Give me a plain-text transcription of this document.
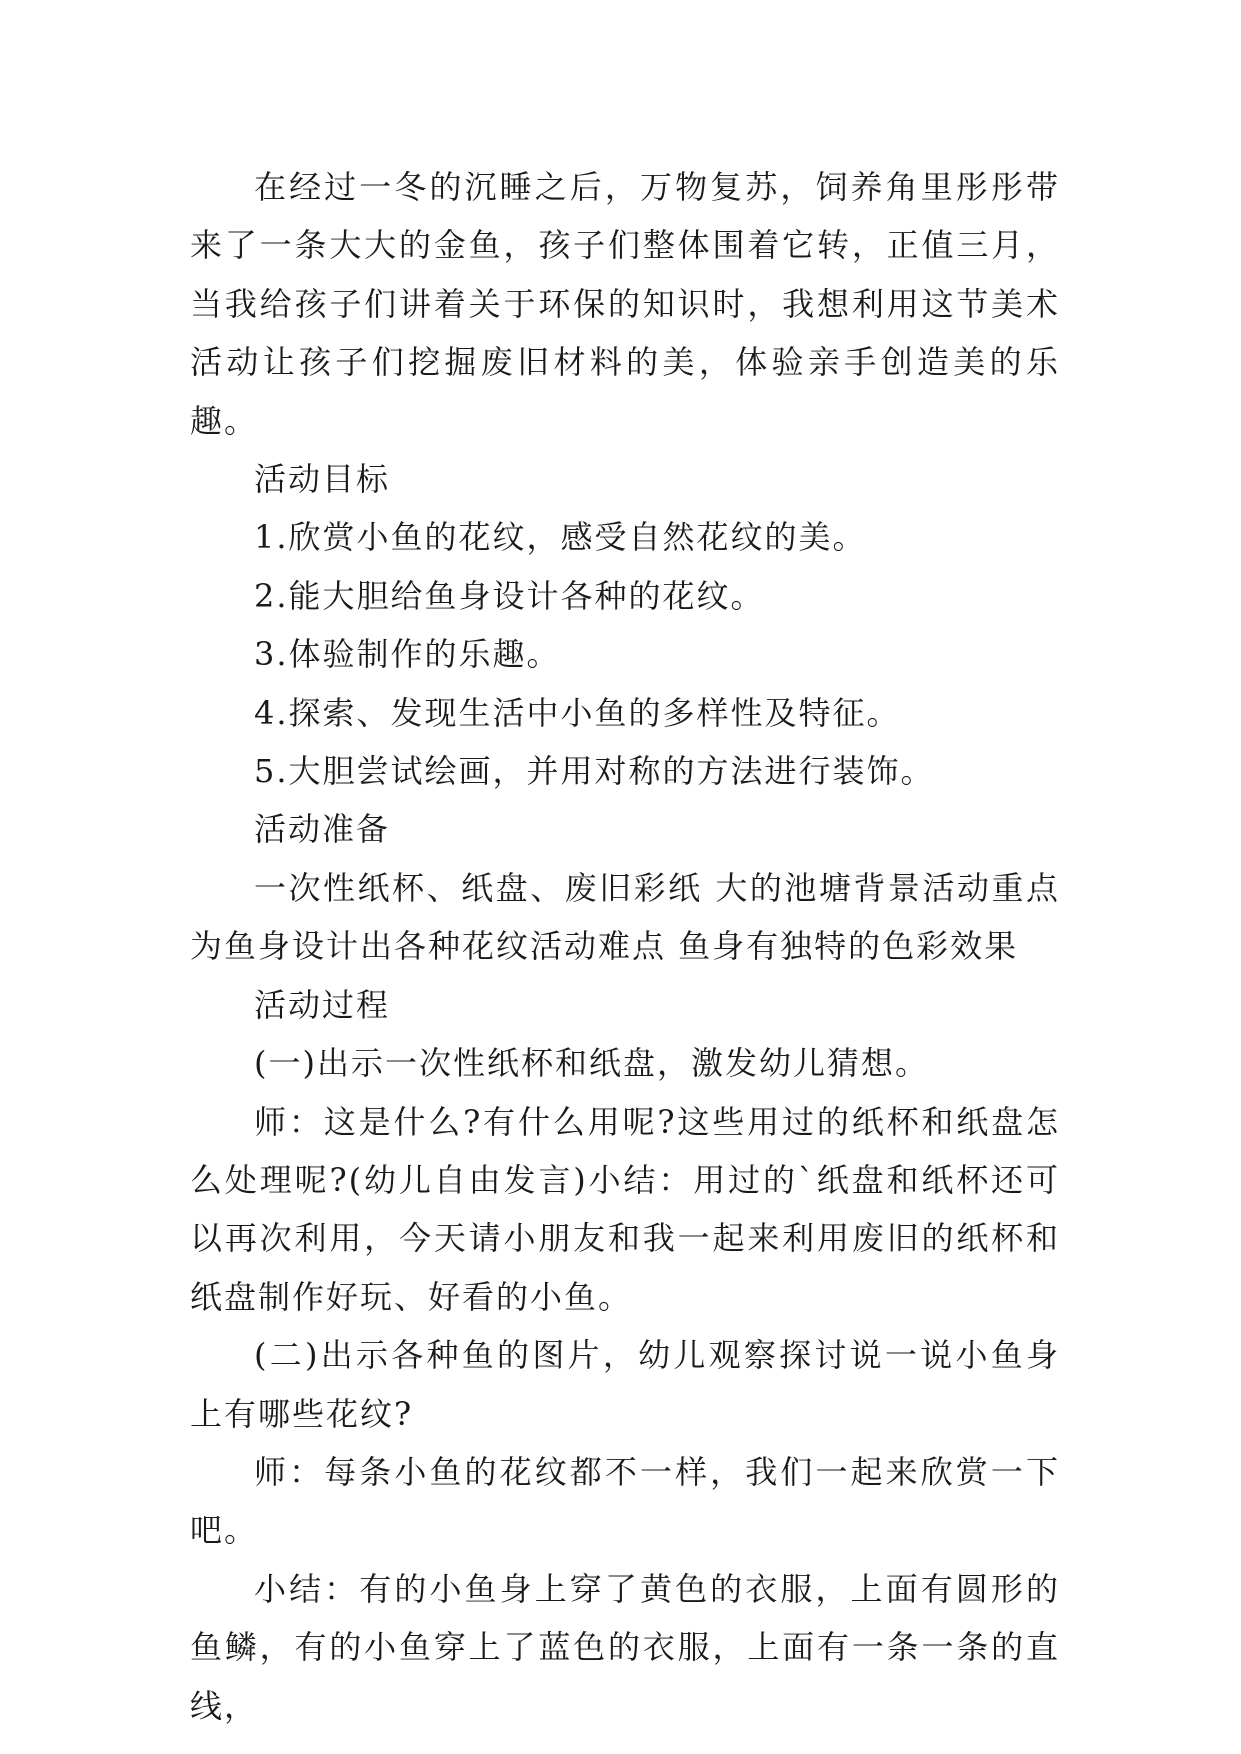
在经过一冬的沉睡之后，万物复苏，饲养角里彤彤带来了一条大大的金鱼，孩子们整体围着它转，正值三月，当我给孩子们讲着关于环保的知识时，我想利用这节美术活动让孩子们挖掘废旧材料的美，体验亲手创造美的乐趣。

活动目标

1.欣赏小鱼的花纹，感受自然花纹的美。

2.能大胆给鱼身设计各种的花纹。

3.体验制作的乐趣。

4.探索、发现生活中小鱼的多样性及特征。

5.大胆尝试绘画，并用对称的方法进行装饰。

活动准备

一次性纸杯、纸盘、废旧彩纸 大的池塘背景活动重点 为鱼身设计出各种花纹活动难点 鱼身有独特的色彩效果

活动过程

(一)出示一次性纸杯和纸盘，激发幼儿猜想。

师：这是什么?有什么用呢?这些用过的纸杯和纸盘怎么处理呢?(幼儿自由发言)小结：用过的`纸盘和纸杯还可以再次利用，今天请小朋友和我一起来利用废旧的纸杯和纸盘制作好玩、好看的小鱼。

(二)出示各种鱼的图片，幼儿观察探讨说一说小鱼身上有哪些花纹?

师：每条小鱼的花纹都不一样，我们一起来欣赏一下吧。

小结：有的小鱼身上穿了黄色的衣服，上面有圆形的鱼鳞，有的小鱼穿上了蓝色的衣服，上面有一条一条的直线，
